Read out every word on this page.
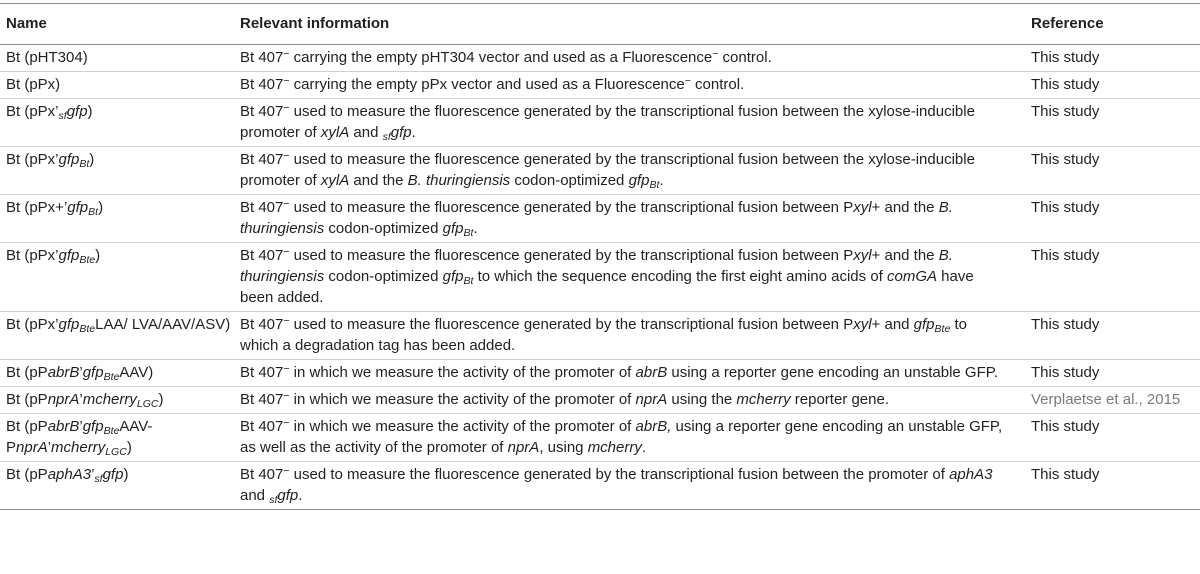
Name	Relevant information	Reference
Bt (pHT304)	Bt 407− carrying the empty pHT304 vector and used as a Fluorescence− control.	This study
Bt (pPx)	Bt 407− carrying the empty pPx vector and used as a Fluorescence− control.	This study
Bt $(pPx’_{sf}gfp)$	Bt 407− used to measure the fluorescence generated by the transcriptional fusion between the xylose-inducible promoter of xylA and $_{sf}$gfp.	This study
Bt (pPx’gfp$_{Bt}$)	Bt 407− used to measure the fluorescence generated by the transcriptional fusion between the xylose-inducible promoter of xylA and the B. thuringiensis codon-optimized gfp$_{Bt}$.	This study
Bt (pPx+’gfp$_{Bt}$)	Bt 407− used to measure the fluorescence generated by the transcriptional fusion between Pxyl+ and the B. thuringiensis codon-optimized gfp$_{Bt}$.	This study
Bt (pPx’gfp$_{Bte}$)	Bt 407− used to measure the fluorescence generated by the transcriptional fusion between Pxyl+ and the B. thuringiensis codon-optimized gfp$_{Bt}$ to which the sequence encoding the first eight amino acids of comGA have been added.	This study
Bt (pPx’gfp$_{Bte}$LAA/ LVA/AAV/ASV)	Bt 407− used to measure the fluorescence generated by the transcriptional fusion between Pxyl+ and gfp$_{Bte}$ to which a degradation tag has been added.	This study
Bt (pPabrB’gfp$_{Bte}$AAV)	Bt 407− in which we measure the activity of the promoter of abrB using a reporter gene encoding an unstable GFP.	This study
Bt (pPnprA’mcherry$_{LGC}$)	Bt 407− in which we measure the activity of the promoter of nprA using the mcherry reporter gene.	Verplaetse et al., 2015
Bt (pPabrB’gfp$_{Bte}$AAV- PnprA’mcherry$_{LGC}$)	Bt 407− in which we measure the activity of the promoter of abrB, using a reporter gene encoding an unstable GFP, as well as the activity of the promoter of nprA, using mcherry.	This study
Bt $(pPaphA3’_{sf}gfp)$	Bt 407− used to measure the fluorescence generated by the transcriptional fusion between the promoter of aphA3 and $_{sf}$gfp.	This study
